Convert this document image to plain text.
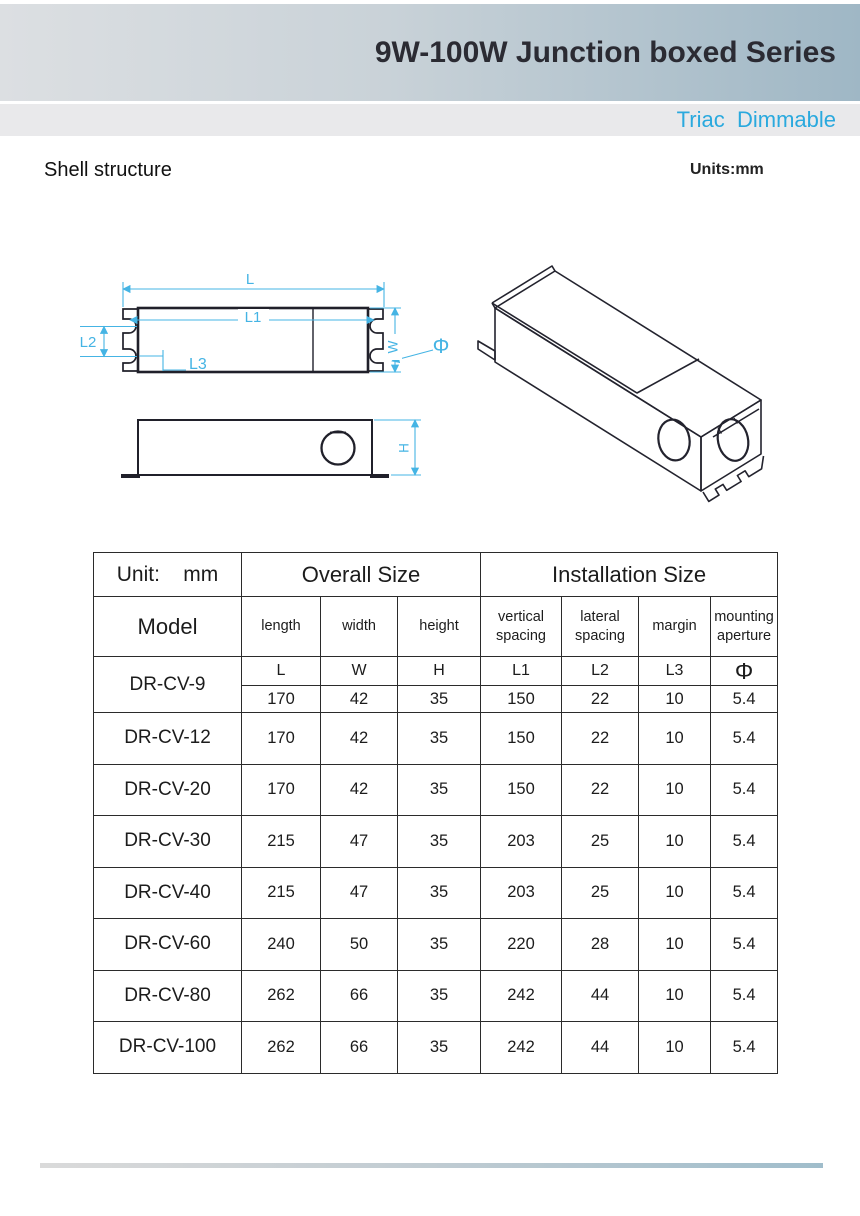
9W-100W Junction boxed Series
Triac  Dimmable
Shell structure	Units:mm
L
L1
L2
L3
W Φ
H
Unit:    mm	Overall Size			Installation Size			
Model	length	width	height	vertical spacing	lateral spacing	margin	mounting aperture
DR-CV-9	L	W	H	L1	L2	L3	Φ
	170	42	35	150	22	10	5.4
DR-CV-12	170	42	35	150	22	10	5.4
DR-CV-20	170	42	35	150	22	10	5.4
DR-CV-30	215	47	35	203	25	10	5.4
DR-CV-40	215	47	35	203	25	10	5.4
DR-CV-60	240	50	35	220	28	10	5.4
DR-CV-80	262	66	35	242	44	10	5.4
DR-CV-100	262	66	35	242	44	10	5.4
